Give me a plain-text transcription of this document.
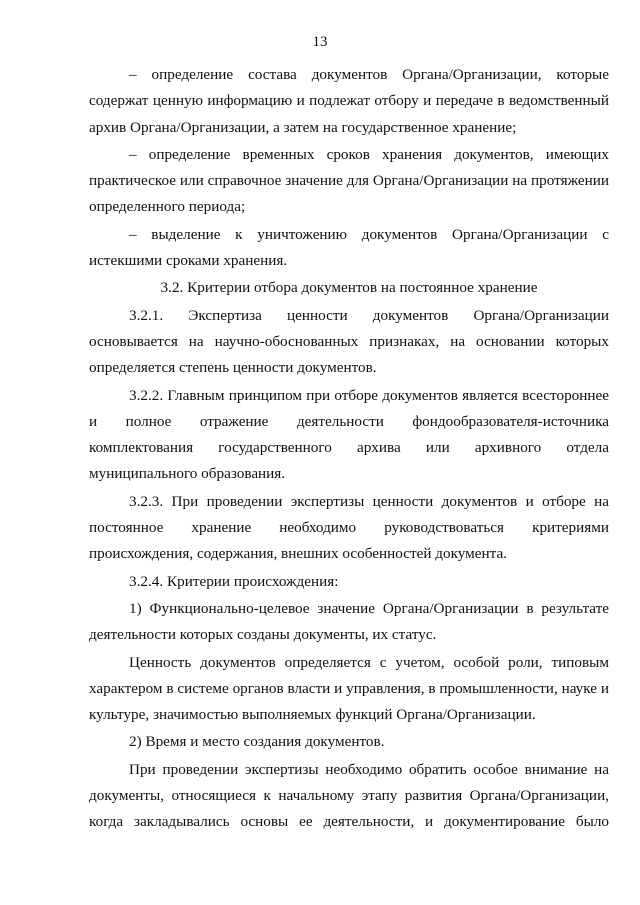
13

– определение состава документов Органа/Организации, которые содержат ценную информацию и подлежат отбору и передаче в ведомственный архив Органа/Организации, а затем на государственное хранение;

– определение временных сроков хранения документов, имеющих практическое или справочное значение для Органа/Организации на протяжении определенного периода;

– выделение к уничтожению документов Органа/Организации с истекшими сроками хранения.

3.2. Критерии отбора документов на постоянное хранение

3.2.1. Экспертиза ценности документов Органа/Организации основывается на научно-обоснованных признаках, на основании которых определяется степень ценности документов.

3.2.2. Главным принципом при отборе документов является всестороннее и полное отражение деятельности фондообразователя-источника комплектования государственного архива или архивного отдела муниципального образования.

3.2.3. При проведении экспертизы ценности документов и отборе на постоянное хранение необходимо руководствоваться критериями происхождения, содержания, внешних особенностей документа.

3.2.4. Критерии происхождения:

1) Функционально-целевое значение Органа/Организации в результате деятельности которых созданы документы, их статус.

Ценность документов определяется с учетом, особой роли, типовым характером в системе органов власти и управления, в промышленности, науке и культуре, значимостью выполняемых функций Органа/Организации.

2) Время и место создания документов.

При проведении экспертизы необходимо обратить особое внимание на документы, относящиеся к начальному этапу развития Органа/Организации, когда закладывались основы ее деятельности, и документирование было
